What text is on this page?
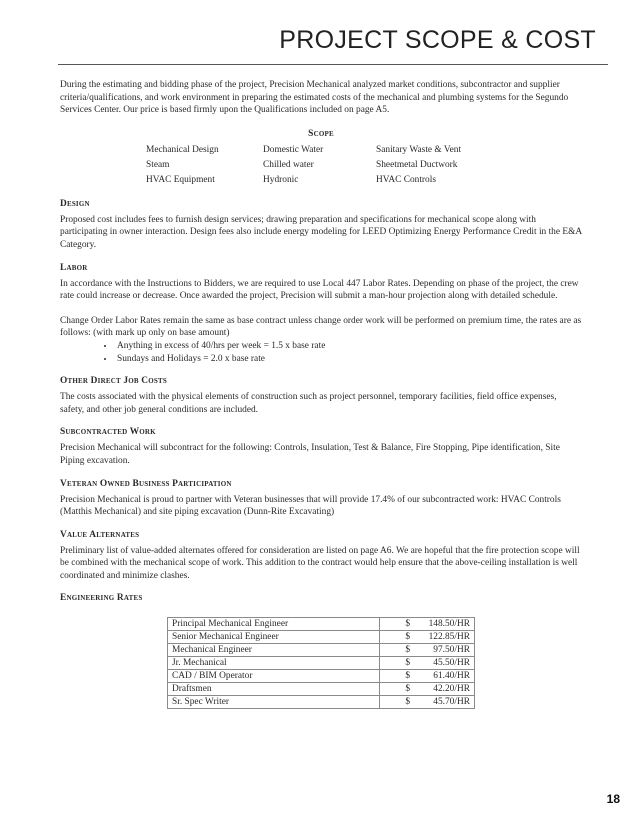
PROJECT SCOPE & COST

During the estimating and bidding phase of the project, Precision Mechanical analyzed market conditions, subcontractor and supplier criteria/qualifications, and work environment in preparing the estimated costs of the mechanical and plumbing systems for the Segundo Services Center. Our price is based firmly upon the Qualifications included on page A5.

Scope
Mechanical Design	Domestic Water	Sanitary Waste & Vent
Steam	Chilled water	Sheetmetal Ductwork
HVAC Equipment	Hydronic	HVAC Controls
Design

Proposed cost includes fees to furnish design services; drawing preparation and specifications for mechanical scope along with participating in owner interaction. Design fees also include energy modeling for LEED Optimizing Energy Performance Credit in the E&A Category.

Labor

In accordance with the Instructions to Bidders, we are required to use Local 447 Labor Rates. Depending on phase of the project, the crew rate could increase or decrease. Once awarded the project, Precision will submit a man-hour projection along with detailed schedule.

Change Order Labor Rates remain the same as base contract unless change order work will be performed on premium time, the rates are as follows: (with mark up only on base amount)

• Anything in excess of 40/hrs per week = 1.5 x base rate
• Sundays and Holidays = 2.0 x base rate
Other Direct Job Costs

The costs associated with the physical elements of construction such as project personnel, temporary facilities, field office expenses, safety, and other job general conditions are included.

Subcontracted Work

Precision Mechanical will subcontract for the following: Controls, Insulation, Test & Balance, Fire Stopping, Pipe identification, Site Piping excavation.

Veteran Owned Business Participation

Precision Mechanical is proud to partner with Veteran businesses that will provide 17.4% of our subcontracted work: HVAC Controls (Matthis Mechanical) and site piping excavation (Dunn-Rite Excavating)

Value Alternates

Preliminary list of value-added alternates offered for consideration are listed on page A6. We are hopeful that the fire protection scope will be combined with the mechanical scope of work. This addition to the contract would help ensure that the above-ceiling installation is well coordinated and minimize clashes.

Engineering Rates
Principal Mechanical Engineer	$	148.50/HR
Senior Mechanical Engineer	$	122.85/HR
Mechanical Engineer	$	97.50/HR
Jr. Mechanical	$	45.50/HR
CAD / BIM Operator	$	61.40/HR
Draftsmen	$	42.20/HR
Sr. Spec Writer	$	45.70/HR
18
